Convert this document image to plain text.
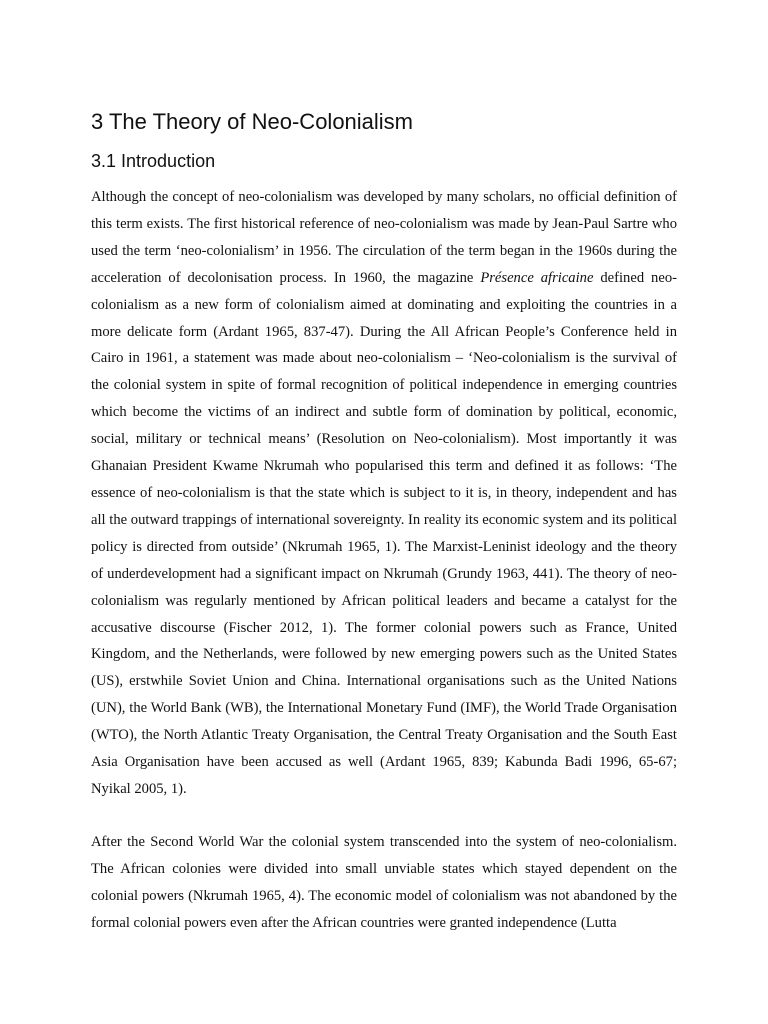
3 The Theory of Neo-Colonialism
3.1 Introduction

Although the concept of neo-colonialism was developed by many scholars, no official definition of this term exists. The first historical reference of neo-colonialism was made by Jean-Paul Sartre who used the term ‘neo-colonialism’ in 1956. The circulation of the term began in the 1960s during the acceleration of decolonisation process. In 1960, the magazine Présence africaine defined neo-colonialism as a new form of colonialism aimed at dominating and exploiting the countries in a more delicate form (Ardant 1965, 837-47). During the All African People’s Conference held in Cairo in 1961, a statement was made about neo-colonialism – ‘Neo-colonialism is the survival of the colonial system in spite of formal recognition of political independence in emerging countries which become the victims of an indirect and subtle form of domination by political, economic, social, military or technical means’ (Resolution on Neo-colonialism). Most importantly it was Ghanaian President Kwame Nkrumah who popularised this term and defined it as follows: ‘The essence of neo-colonialism is that the state which is subject to it is, in theory, independent and has all the outward trappings of international sovereignty. In reality its economic system and its political policy is directed from outside’ (Nkrumah 1965, 1). The Marxist-Leninist ideology and the theory of underdevelopment had a significant impact on Nkrumah (Grundy 1963, 441). The theory of neo-colonialism was regularly mentioned by African political leaders and became a catalyst for the accusative discourse (Fischer 2012, 1). The former colonial powers such as France, United Kingdom, and the Netherlands, were followed by new emerging powers such as the United States (US), erstwhile Soviet Union and China. International organisations such as the United Nations (UN), the World Bank (WB), the International Monetary Fund (IMF), the World Trade Organisation (WTO), the North Atlantic Treaty Organisation, the Central Treaty Organisation and the South East Asia Organisation have been accused as well (Ardant 1965, 839; Kabunda Badi 1996, 65-67; Nyikal 2005, 1).

After the Second World War the colonial system transcended into the system of neo-colonialism. The African colonies were divided into small unviable states which stayed dependent on the colonial powers (Nkrumah 1965, 4). The economic model of colonialism was not abandoned by the formal colonial powers even after the African countries were granted independence (Lutta
